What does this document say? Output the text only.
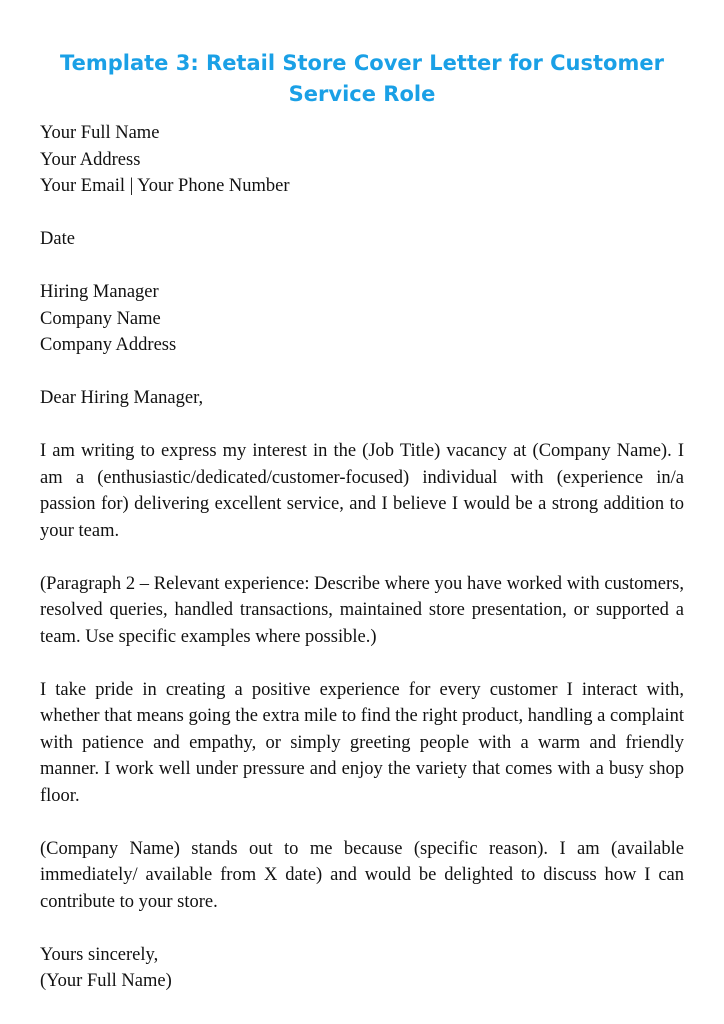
Template 3: Retail Store Cover Letter for Customer Service Role
Your Full Name
Your Address
Your Email | Your Phone Number
Date
Hiring Manager
Company Name
Company Address
Dear Hiring Manager,

I am writing to express my interest in the (Job Title) vacancy at (Company Name). I am a (enthusiastic/dedicated/customer-focused) individual with (experience in/a passion for) delivering excellent service, and I believe I would be a strong addition to your team.

(Paragraph 2 – Relevant experience: Describe where you have worked with customers, resolved queries, handled transactions, maintained store presentation, or supported a team. Use specific examples where possible.)

I take pride in creating a positive experience for every customer I interact with, whether that means going the extra mile to find the right product, handling a complaint with patience and empathy, or simply greeting people with a warm and friendly manner. I work well under pressure and enjoy the variety that comes with a busy shop floor.

(Company Name) stands out to me because (specific reason). I am (available immediately/ available from X date) and would be delighted to discuss how I can contribute to your store.

Yours sincerely,
(Your Full Name)
